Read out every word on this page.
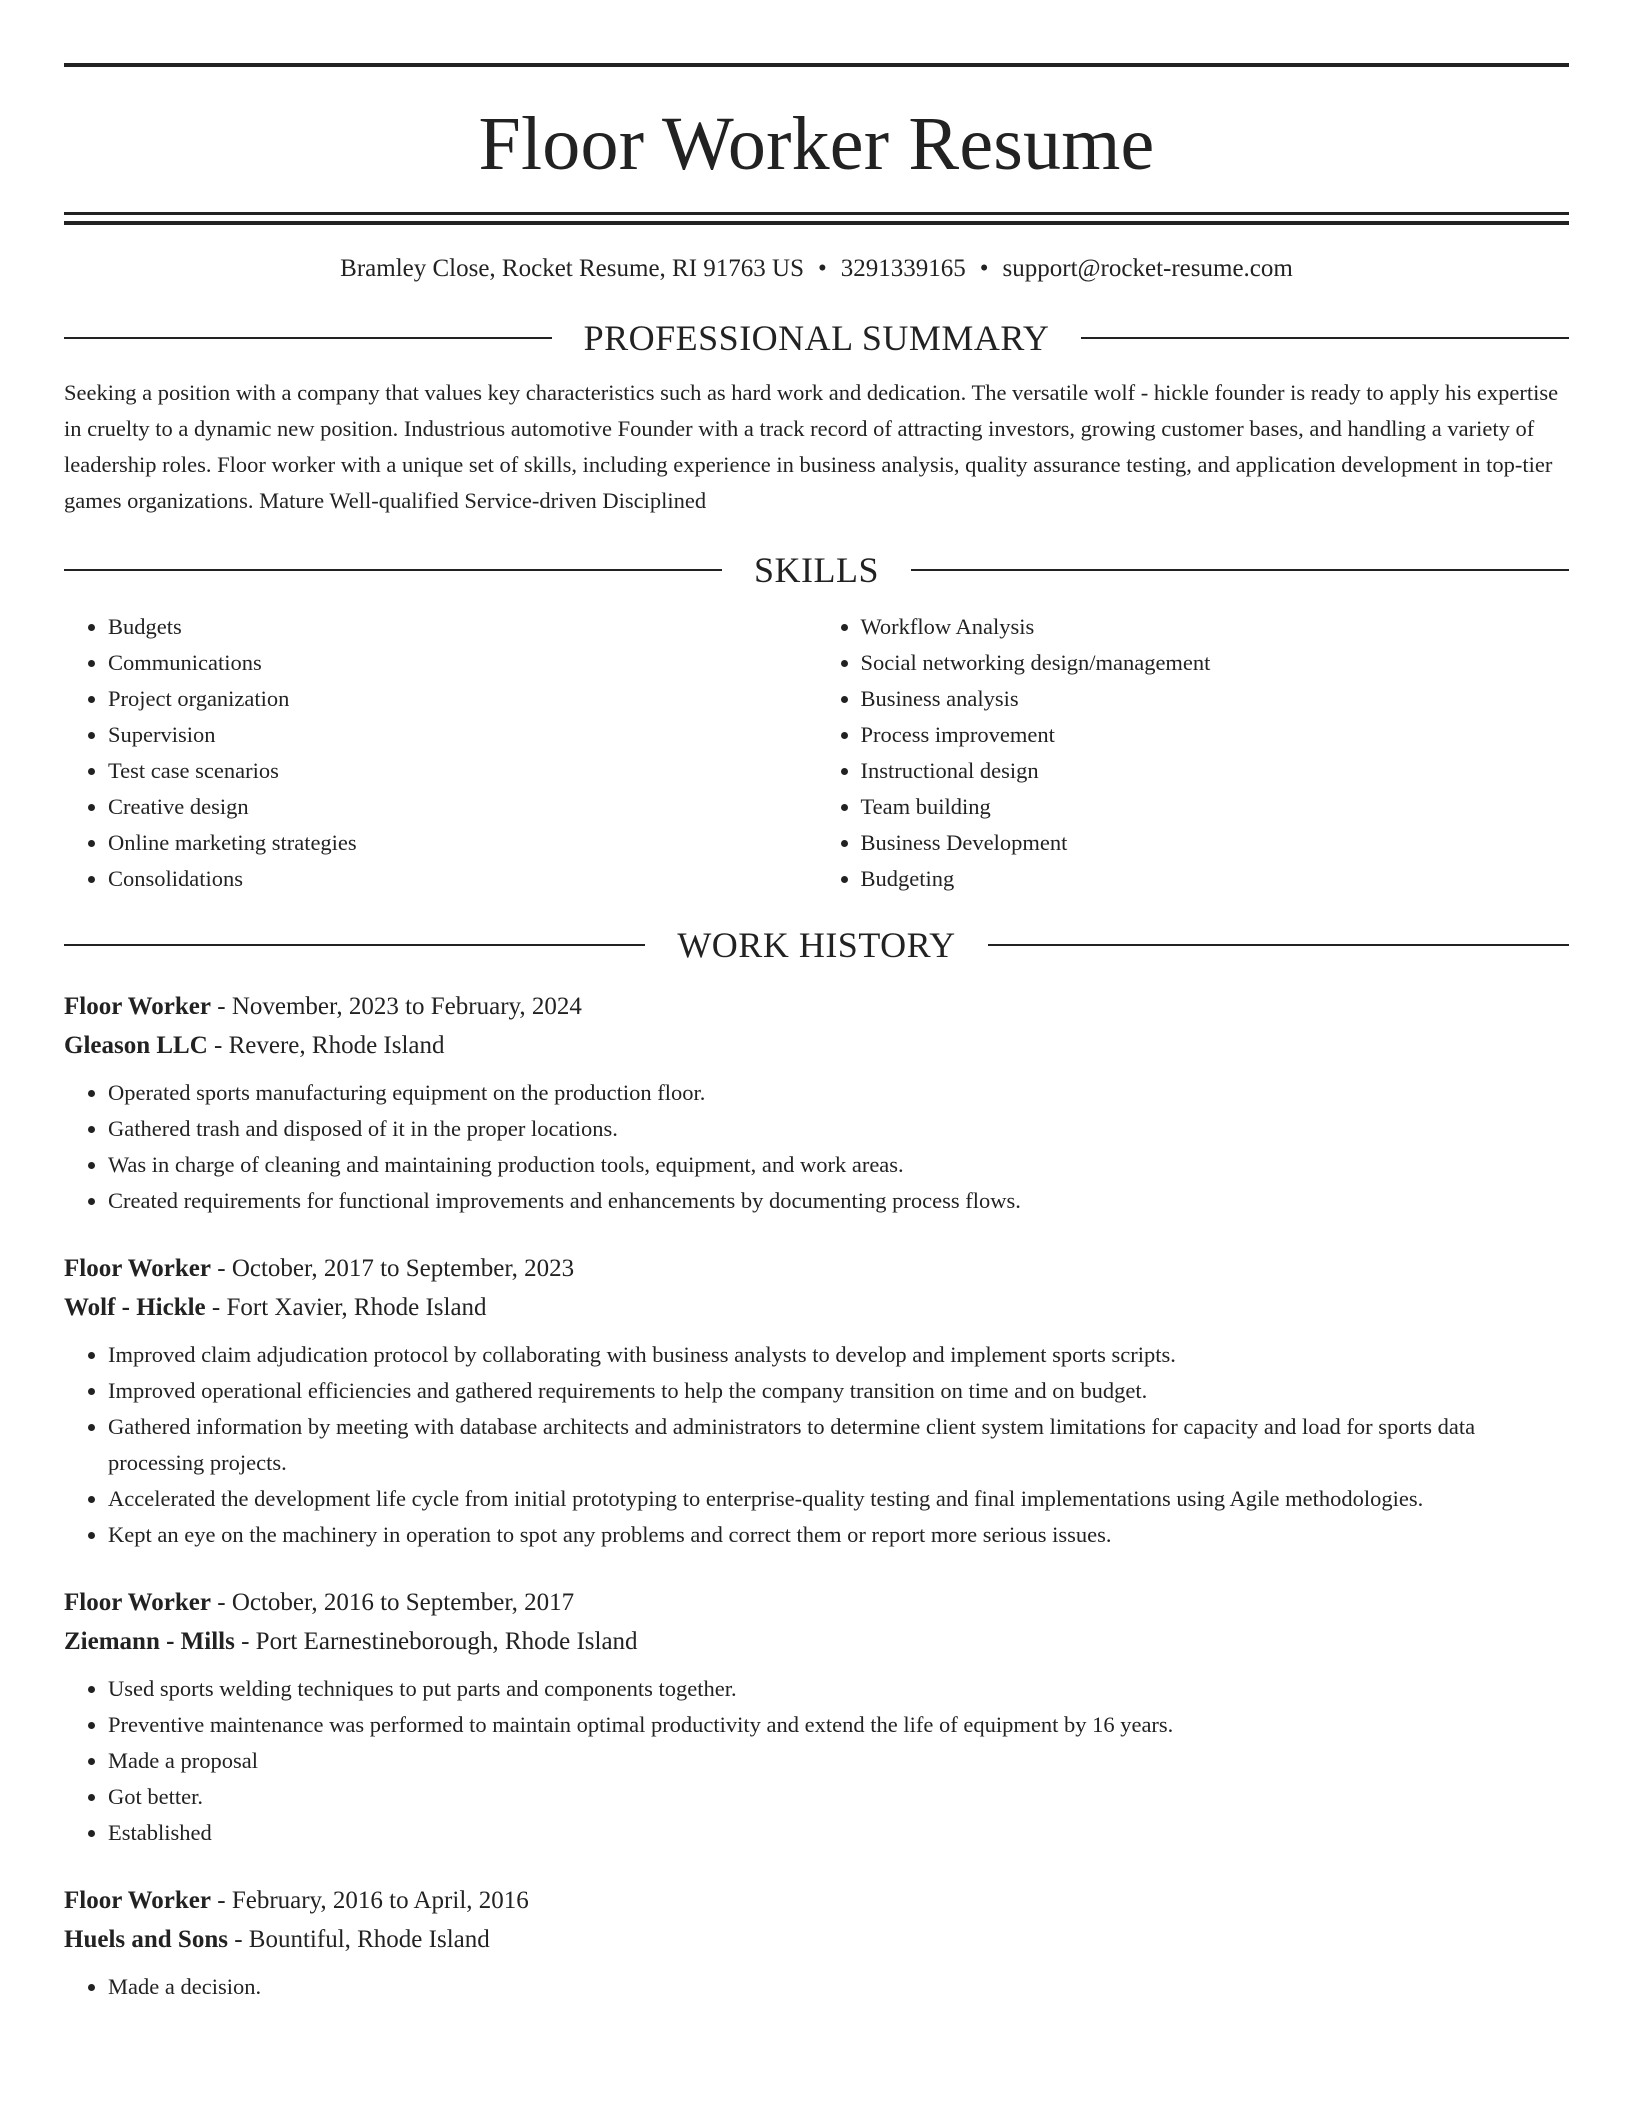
Floor Worker Resume
Bramley Close, Rocket Resume, RI 91763 US • 3291339165 • support@rocket-resume.com
PROFESSIONAL SUMMARY
Seeking a position with a company that values key characteristics such as hard work and dedication. The versatile wolf - hickle founder is ready to apply his expertise in cruelty to a dynamic new position. Industrious automotive Founder with a track record of attracting investors, growing customer bases, and handling a variety of leadership roles. Floor worker with a unique set of skills, including experience in business analysis, quality assurance testing, and application development in top-tier games organizations. Mature Well-qualified Service-driven Disciplined
SKILLS
• Budgets
• Communications
• Project organization
• Supervision
• Test case scenarios
• Creative design
• Online marketing strategies
• Consolidations
• Workflow Analysis
• Social networking design/management
• Business analysis
• Process improvement
• Instructional design
• Team building
• Business Development
• Budgeting
WORK HISTORY
Floor Worker - November, 2023 to February, 2024
Gleason LLC - Revere, Rhode Island
• Operated sports manufacturing equipment on the production floor.
• Gathered trash and disposed of it in the proper locations.
• Was in charge of cleaning and maintaining production tools, equipment, and work areas.
• Created requirements for functional improvements and enhancements by documenting process flows.
Floor Worker - October, 2017 to September, 2023
Wolf - Hickle - Fort Xavier, Rhode Island
• Improved claim adjudication protocol by collaborating with business analysts to develop and implement sports scripts.
• Improved operational efficiencies and gathered requirements to help the company transition on time and on budget.
• Gathered information by meeting with database architects and administrators to determine client system limitations for capacity and load for sports data processing projects.
• Accelerated the development life cycle from initial prototyping to enterprise-quality testing and final implementations using Agile methodologies.
• Kept an eye on the machinery in operation to spot any problems and correct them or report more serious issues.
Floor Worker - October, 2016 to September, 2017
Ziemann - Mills - Port Earnestineborough, Rhode Island
• Used sports welding techniques to put parts and components together.
• Preventive maintenance was performed to maintain optimal productivity and extend the life of equipment by 16 years.
• Made a proposal
• Got better.
• Established
Floor Worker - February, 2016 to April, 2016
Huels and Sons - Bountiful, Rhode Island
• Made a decision.
